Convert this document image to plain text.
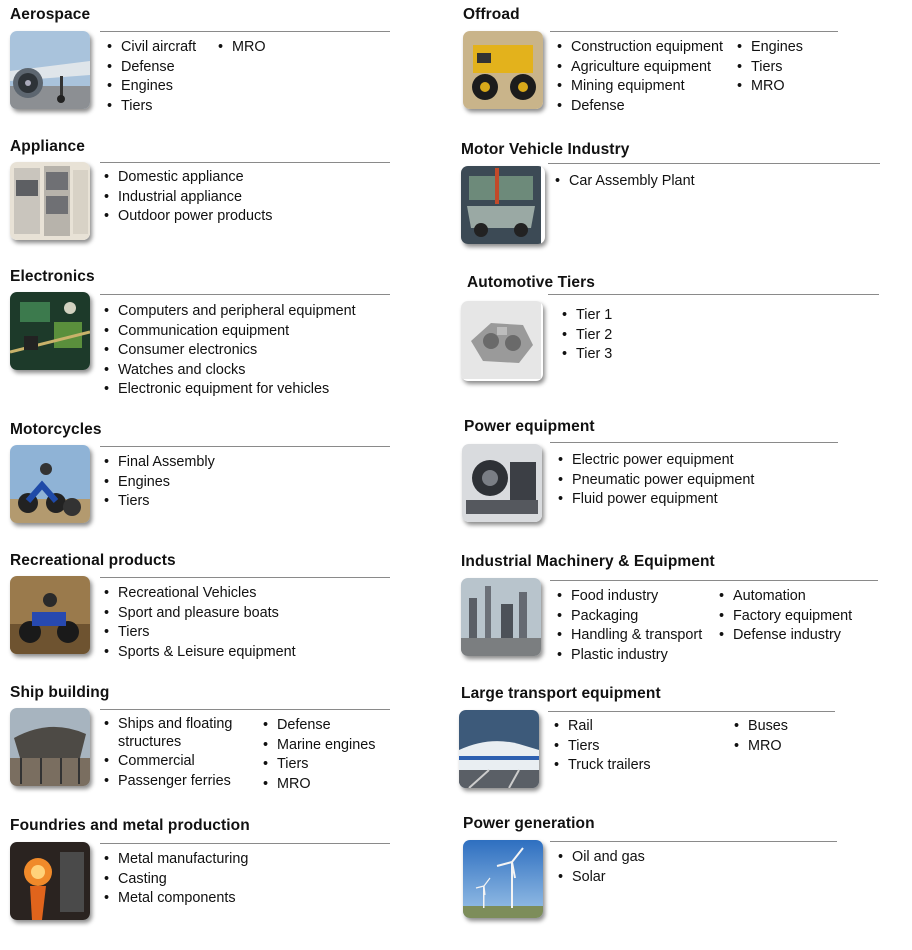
Aerospace
• Civil aircraft
• Defense
• Engines
• Tiers
• MRO
Appliance
• Domestic appliance
• Industrial appliance
• Outdoor power products
Electronics
• Computers and peripheral equipment
• Communication equipment
• Consumer electronics
• Watches and clocks
• Electronic equipment for vehicles
Motorcycles
• Final Assembly
• Engines
• Tiers
Recreational products
• Recreational Vehicles
• Sport and pleasure boats
• Tiers
• Sports & Leisure equipment
Ship building
• Ships and floating structures
• Commercial
• Passenger ferries
• Defense
• Marine engines
• Tiers
• MRO
Foundries and metal production
• Metal manufacturing
• Casting
• Metal components
Offroad
• Construction equipment
• Agriculture equipment
• Mining equipment
• Defense
• Engines
• Tiers
• MRO
Motor Vehicle Industry
• Car Assembly Plant
Automotive Tiers
• Tier 1
• Tier 2
• Tier 3
Power equipment
• Electric power equipment
• Pneumatic power equipment
• Fluid power equipment
Industrial Machinery & Equipment
• Food industry
• Packaging
• Handling & transport
• Plastic industry
• Automation
• Factory equipment
• Defense industry
Large transport equipment
• Rail
• Tiers
• Truck trailers
• Buses
• MRO
Power generation
• Oil and gas
• Solar
